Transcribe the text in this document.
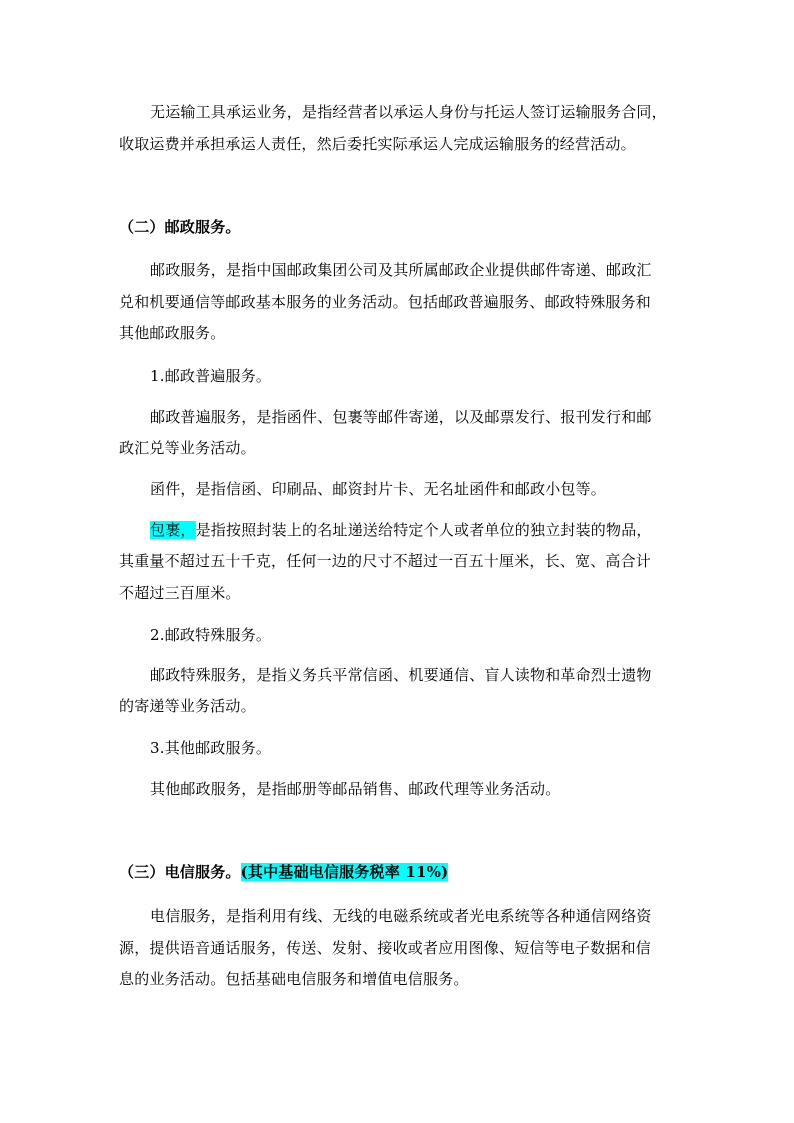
无运输工具承运业务，是指经营者以承运人身份与托运人签订运输服务合同，
收取运费并承担承运人责任，然后委托实际承运人完成运输服务的经营活动。
（二）邮政服务。
邮政服务，是指中国邮政集团公司及其所属邮政企业提供邮件寄递、邮政汇
兑和机要通信等邮政基本服务的业务活动。包括邮政普遍服务、邮政特殊服务和
其他邮政服务。
1.邮政普遍服务。
邮政普遍服务，是指函件、包裹等邮件寄递，以及邮票发行、报刊发行和邮
政汇兑等业务活动。
函件，是指信函、印刷品、邮资封片卡、无名址函件和邮政小包等。
包裹，是指按照封装上的名址递送给特定个人或者单位的独立封装的物品，
其重量不超过五十千克，任何一边的尺寸不超过一百五十厘米，长、宽、高合计
不超过三百厘米。
2.邮政特殊服务。
邮政特殊服务，是指义务兵平常信函、机要通信、盲人读物和革命烈士遗物
的寄递等业务活动。
3.其他邮政服务。
其他邮政服务，是指邮册等邮品销售、邮政代理等业务活动。
（三）电信服务。(其中基础电信服务税率 11%)
电信服务，是指利用有线、无线的电磁系统或者光电系统等各种通信网络资
源，提供语音通话服务，传送、发射、接收或者应用图像、短信等电子数据和信
息的业务活动。包括基础电信服务和增值电信服务。
